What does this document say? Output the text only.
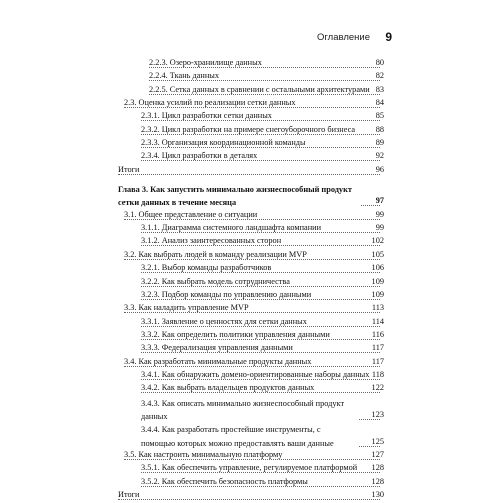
Оглавление 9
2.2.3. Озеро-хранилище данных	80
2.2.4. Ткань данных	82
2.2.5. Сетка данных в сравнении с остальными архитектурами 83
2.3. Оценка усилий по реализации сетки данных	84
2.3.1. Цикл разработки сетки данных	85
2.3.2. Цикл разработки на примере снегоуборочного бизнеса 88
2.3.3. Организация координационной команды	89
2.3.4. Цикл разработки в деталях	92
Итоги	96
Глава 3. Как запустить минимально жизнеспособный продукт сетки данных в течение месяца	97
3.1. Общее представление о ситуации	99
3.1.1. Диаграмма системного ландшафта компании	99
3.1.2. Анализ заинтересованных сторон	102
3.2. Как выбрать людей в команду реализации MVP	105
3.2.1. Выбор команды разработчиков	106
3.2.2. Как выбрать модель сотрудничества	109
3.2.3. Подбор команды по управлению данными	109
3.3. Как наладить управление MVP	113
3.3.1. Заявление о ценностях для сетки данных	114
3.3.2. Как определить политики управления данными	116
3.3.3. Федерализация управления данными	117
3.4. Как разработать минимальные продукты данных	117
3.4.1. Как обнаружить домено-ориентированные наборы данных 118
3.4.2. Как выбрать владельцев продуктов данных	122
3.4.3. Как описать минимально жизнеспособный продукт данных	123
3.4.4. Как разработать простейшие инструменты, с помощью которых можно предоставлять ваши данные	125
3.5. Как настроить минимальную платформу	127
3.5.1. Как обеспечить управление, регулируемое платформой 128
3.5.2. Как обеспечить безопасность платформы	128
Итоги	130
